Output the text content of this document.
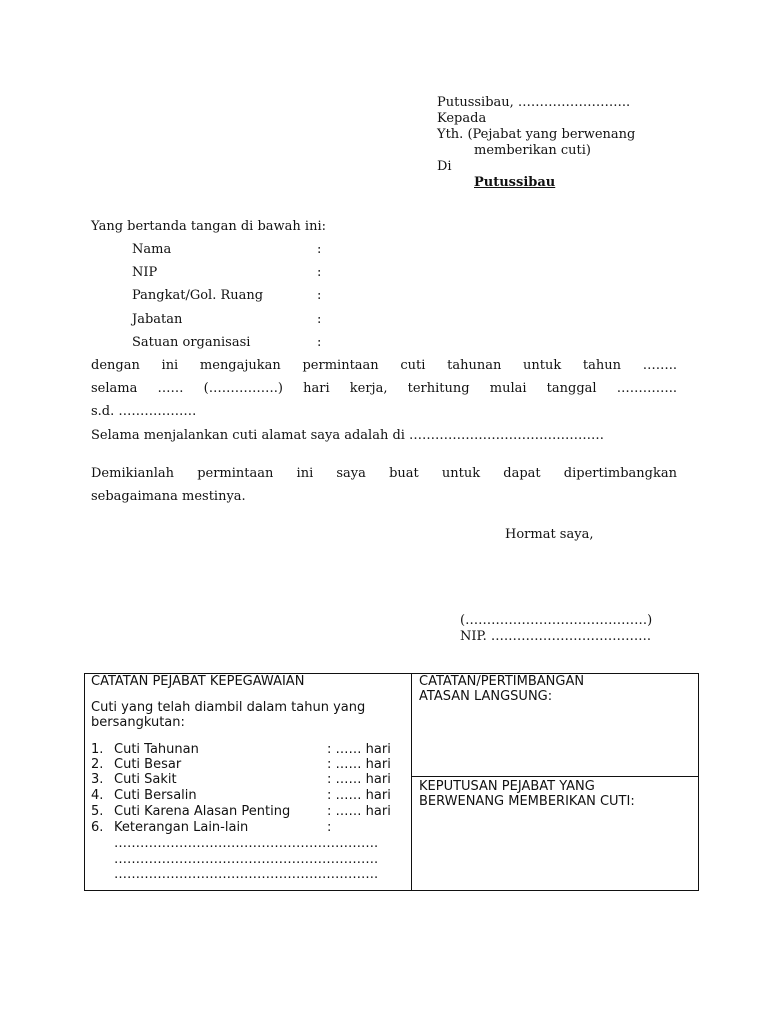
Putussibau, ……………………..
Kepada
Yth. (Pejabat yang berwenang
memberikan cuti)
Di
Putussibau
Yang bertanda tangan di bawah ini:
Nama	:
NIP	:
Pangkat/Gol. Ruang	:
Jabatan	:
Satuan organisasi	:
dengan ini mengajukan permintaan cuti tahunan untuk tahun ……..
selama …… (…………….) hari kerja, terhitung mulai tanggal …………..
s.d. ………………
Selama menjalankan cuti alamat saya adalah di ………………………………………
Demikianlah permintaan ini saya buat untuk dapat dipertimbangkan
sebagaimana mestinya.
Hormat saya,
(……………………………………)
NIP. ……………………………….
CATATAN PEJABAT KEPEGAWAIAN
Cuti yang telah diambil dalam tahun yang
bersangkutan:
1. Cuti Tahunan	: …… hari
2. Cuti Besar	: …… hari
3. Cuti Sakit	: …… hari
4. Cuti Bersalin	: …… hari
5. Cuti Karena Alasan Penting	: …… hari
6. Keterangan Lain-lain	:
…………………………………………………….
…………………………………………………….
…………………………………………………….
CATATAN/PERTIMBANGAN
ATASAN LANGSUNG:
KEPUTUSAN PEJABAT YANG
BERWENANG MEMBERIKAN CUTI:
